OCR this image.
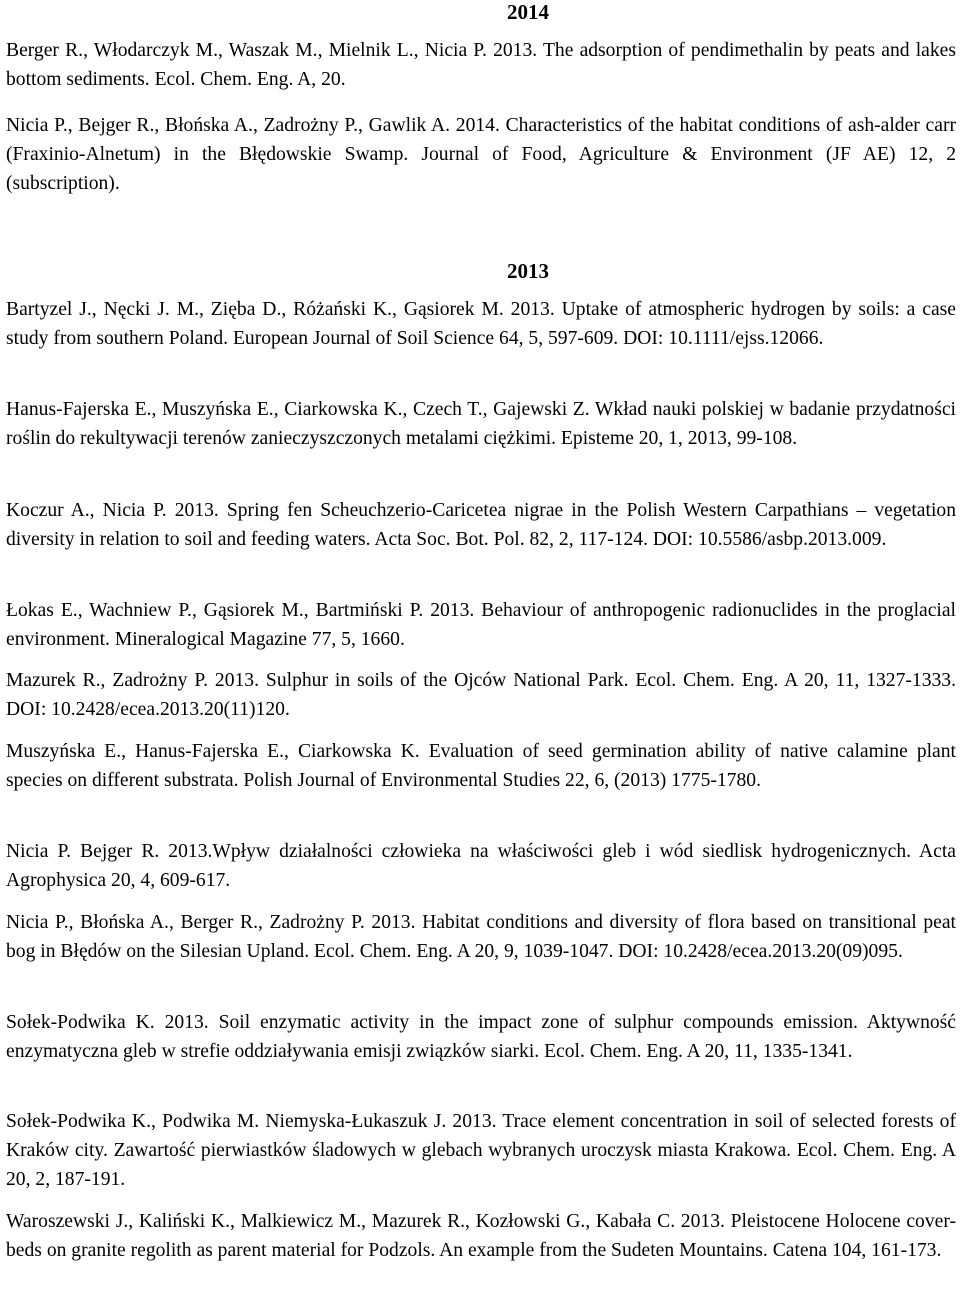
2014

Berger R., Włodarczyk M., Waszak M., Mielnik L., Nicia P. 2013. The adsorption of pendimethalin by peats and lakes bottom sediments. Ecol. Chem. Eng. A, 20.

Nicia P., Bejger R., Błońska A., Zadrożny P., Gawlik A. 2014. Characteristics of the habitat conditions of ash-alder carr (Fraxinio-Alnetum) in the Błędowskie Swamp. Journal of Food, Agriculture & Environment (JF AE) 12, 2 (subscription).

2013

Bartyzel J., Nęcki J. M., Zięba D., Różański K., Gąsiorek M. 2013. Uptake of atmospheric hydrogen by soils: a case study from southern Poland. European Journal of Soil Science 64, 5, 597-609. DOI: 10.1111/ejss.12066.

Hanus-Fajerska E., Muszyńska E., Ciarkowska K., Czech T., Gajewski Z. Wkład nauki polskiej w badanie przydatności roślin do rekultywacji terenów zanieczyszczonych metalami ciężkimi. Episteme 20, 1, 2013, 99-108.

Koczur A., Nicia P. 2013. Spring fen Scheuchzerio-Caricetea nigrae in the Polish Western Carpathians – vegetation diversity in relation to soil and feeding waters. Acta Soc. Bot. Pol. 82, 2, 117-124. DOI: 10.5586/asbp.2013.009.

Łokas E., Wachniew P., Gąsiorek M., Bartmiński P. 2013. Behaviour of anthropogenic radionuclides in the proglacial environment. Mineralogical Magazine 77, 5, 1660.

Mazurek R., Zadrożny P. 2013. Sulphur in soils of the Ojców National Park. Ecol. Chem. Eng. A 20, 11, 1327-1333. DOI: 10.2428/ecea.2013.20(11)120.

Muszyńska E., Hanus-Fajerska E., Ciarkowska K. Evaluation of seed germination ability of native calamine plant species on different substrata. Polish Journal of Environmental Studies 22, 6, (2013) 1775-1780.

Nicia P. Bejger R. 2013.Wpływ działalności człowieka na właściwości gleb i wód siedlisk hydrogenicznych. Acta Agrophysica 20, 4, 609-617.

Nicia P., Błońska A., Berger R., Zadrożny P. 2013. Habitat conditions and diversity of flora based on transitional peat bog in Błędów on the Silesian Upland. Ecol. Chem. Eng. A 20, 9, 1039-1047. DOI: 10.2428/ecea.2013.20(09)095.

Sołek-Podwika K. 2013. Soil enzymatic activity in the impact zone of sulphur compounds emission. Aktywność enzymatyczna gleb w strefie oddziaływania emisji związków siarki. Ecol. Chem. Eng. A 20, 11, 1335-1341.

Sołek-Podwika K., Podwika M. Niemyska-Łukaszuk J. 2013. Trace element concentration in soil of selected forests of Kraków city. Zawartość pierwiastków śladowych w glebach wybranych uroczysk miasta Krakowa. Ecol. Chem. Eng. A 20, 2, 187-191.

Waroszewski J., Kaliński K., Malkiewicz M., Mazurek R., Kozłowski G., Kabała C. 2013. Pleistocene Holocene cover-beds on granite regolith as parent material for Podzols. An example from the Sudeten Mountains. Catena 104, 161-173.
